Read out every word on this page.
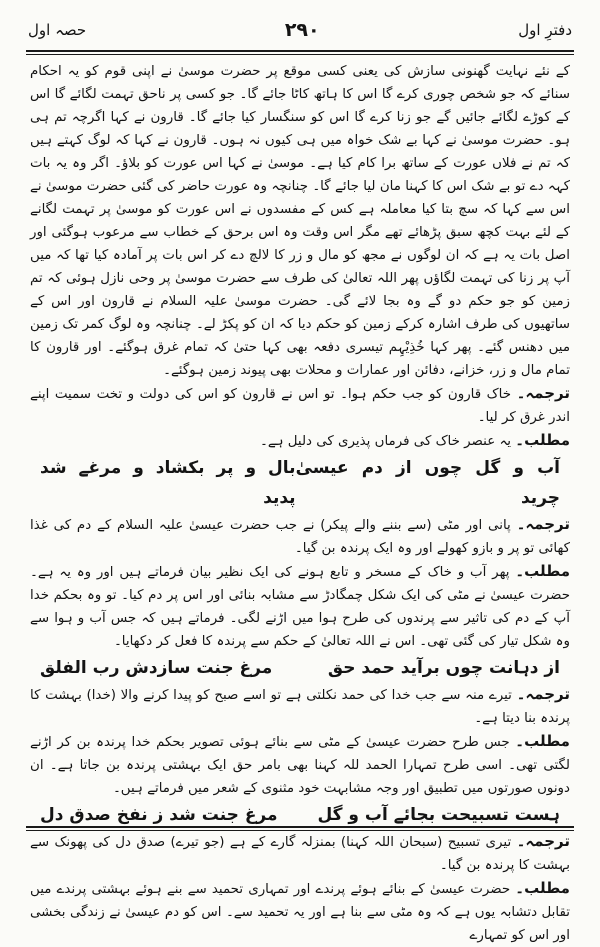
دفترِ اول
۲۹۰
حصہ اول

کے نئے نہایت گھنونی سازش کی یعنی کسی موقع پر حضرت موسیٰ نے اپنی قوم کو یہ احکام سنائے کہ جو شخص چوری کرے گا اس کا ہاتھ کاٹا جائے گا۔ جو کسی پر ناحق تہمت لگائے گا اس کے کوڑے لگائے جائیں گے جو زنا کرے گا اس کو سنگسار کیا جائے گا۔ قارون نے کہا اگرچہ تم ہی ہو۔ حضرت موسیٰ نے کہا بے شک خواہ میں ہی کیوں نہ ہوں۔ قارون نے کہا کہ لوگ کہتے ہیں کہ تم نے فلاں عورت کے ساتھ برا کام کیا ہے۔ موسیٰ نے کہا اس عورت کو بلاؤ۔ اگر وہ یہ بات کہہ دے تو بے شک اس کا کہنا مان لیا جائے گا۔ چنانچہ وہ عورت حاضر کی گئی حضرت موسیٰ نے اس سے کہا کہ سچ بتا کیا معاملہ ہے کس کے مفسدوں نے اس عورت کو موسیٰ پر تہمت لگانے کے لئے بہت کچھ سبق پڑھائے تھے مگر اس وقت وہ اس برحق کے خطاب سے مرعوب ہوگئی اور اصل بات یہ ہے کہ ان لوگوں نے مجھ کو مال و زر کا لالچ دے کر اس بات پر آمادہ کیا تھا کہ میں آپ پر زنا کی تہمت لگاؤں پھر اللہ تعالیٰ کی طرف سے حضرت موسیٰ پر وحی نازل ہوئی کہ تم زمین کو جو حکم دو گے وہ بجا لائے گی۔ حضرت موسیٰ علیہ السلام نے قارون اور اس کے ساتھیوں کی طرف اشارہ کرکے زمین کو حکم دیا کہ ان کو پکڑ لے۔ چنانچہ وہ لوگ کمر تک زمین میں دھنس گئے۔ پھر کہا خُذِیْہِم تیسری دفعہ بھی کہا حتیٰ کہ تمام غرق ہوگئے۔ اور قارون کا تمام مال و زر، خزانے، دفائن اور عمارات و محلات بھی پیوند زمین ہوگئے۔

ترجمہ۔ خاک قارون کو جب حکم ہوا۔ تو اس نے قارون کو اس کی دولت و تخت سمیت اپنے اندر غرق کر لیا۔

مطلب۔ یہ عنصر خاک کی فرماں پذیری کی دلیل ہے۔

آب و گل چوں از دم عیسیٰ چرید
بال و پر بکشاد و مرغے شد پدید

ترجمہ۔ پانی اور مٹی (سے بننے والے پیکر) نے جب حضرت عیسیٰ علیہ السلام کے دم کی غذا کھائی تو پر و بازو کھولے اور وہ ایک پرندہ بن گیا۔

مطلب۔ پھر آب و خاک کے مسخر و تابع ہونے کی ایک نظیر بیان فرماتے ہیں اور وہ یہ ہے۔ حضرت عیسیٰ نے مٹی کی ایک شکل چمگادڑ سے مشابہ بنائی اور اس پر دم کیا۔ تو وہ بحکم خدا آپ کے دم کی تاثیر سے پرندوں کی طرح ہوا میں اڑنے لگی۔ فرماتے ہیں کہ جس آب و ہوا سے وہ شکل تیار کی گئی تھی۔ اس نے اللہ تعالیٰ کے حکم سے پرندہ کا فعل کر دکھایا۔

از دہانت چوں برآید حمد حق
مرغ جنت سازدش رب الفلق

ترجمہ۔ تیرے منہ سے جب خدا کی حمد نکلتی ہے تو اسے صبح کو پیدا کرنے والا (خدا) بہشت کا پرندہ بنا دیتا ہے۔

مطلب۔ جس طرح حضرت عیسیٰ کے مٹی سے بنائے ہوئی تصویر بحکم خدا پرندہ بن کر اڑنے لگتی تھی۔ اسی طرح تمہارا الحمد للہ کہنا بھی بامر حق ایک بہشتی پرندہ بن جاتا ہے۔ ان دونوں صورتوں میں تطبیق اور وجہ مشابہت خود مثنوی کے شعر میں فرماتے ہیں۔

ہست تسبیحت بجائے آب و گل
مرغ جنت شد ز نفخ صدق دل

ترجمہ۔ تیری تسبیح (سبحان اللہ کہنا) بمنزلہ گارے کے ہے (جو تیرے) صدق دل کی پھونک سے بہشت کا پرندہ بن گیا۔

مطلب۔ حضرت عیسیٰ کے بنائے ہوئے پرندے اور تمہاری تحمید سے بنے ہوئے بہشتی پرندے میں تقابل دتشابہ یوں ہے کہ وہ مٹی سے بنا ہے اور یہ تحمید سے۔ اس کو دم عیسیٰ نے زندگی بخشی اور اس کو تمہارے
